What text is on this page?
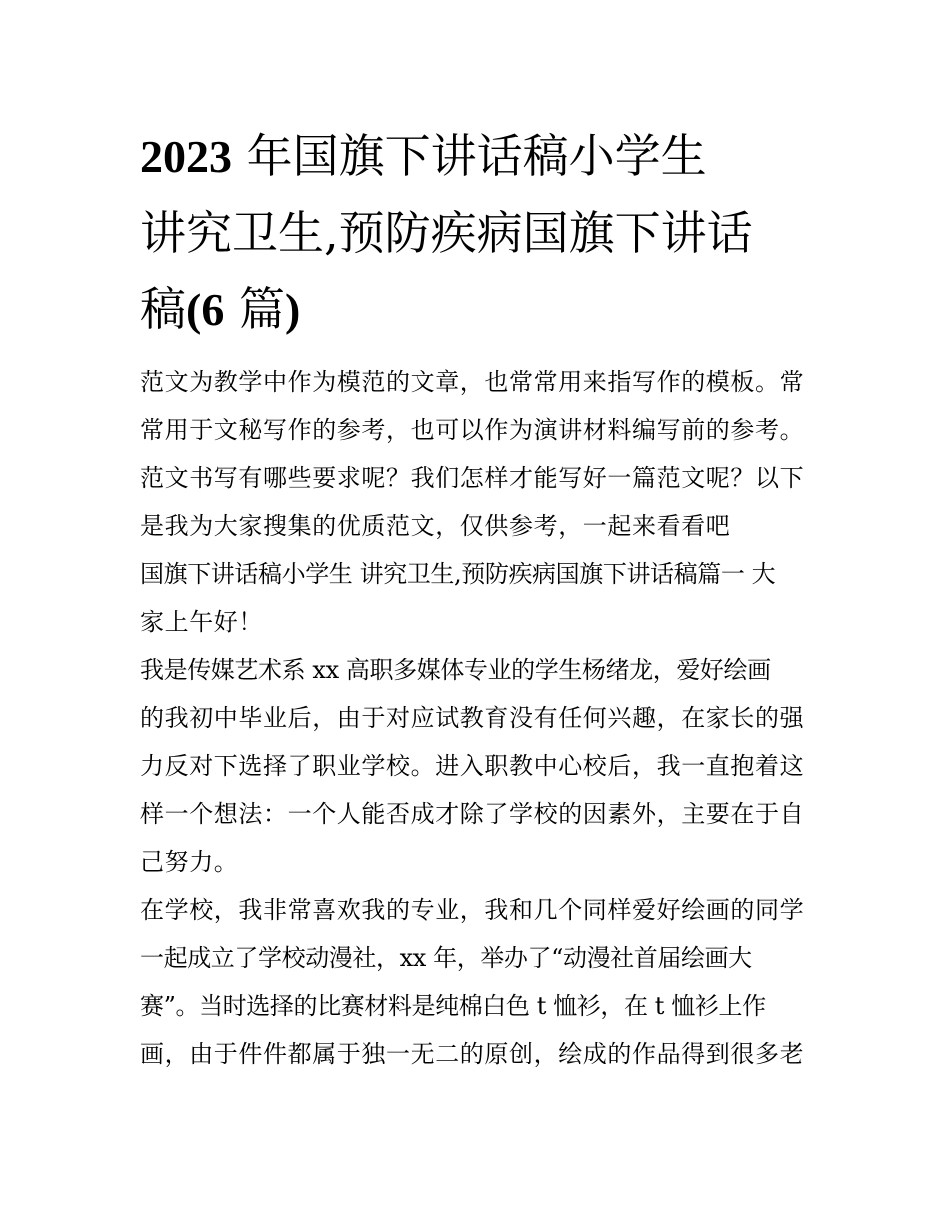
2023 年国旗下讲话稿小学生
讲究卫生,预防疾病国旗下讲话
稿(6 篇)
范文为教学中作为模范的文章，也常常用来指写作的模板。常
常用于文秘写作的参考，也可以作为演讲材料编写前的参考。
范文书写有哪些要求呢？我们怎样才能写好一篇范文呢？以下
是我为大家搜集的优质范文，仅供参考，一起来看看吧
国旗下讲话稿小学生 讲究卫生,预防疾病国旗下讲话稿篇一 大
家上午好！
我是传媒艺术系 xx 高职多媒体专业的学生杨绪龙，爱好绘画
的我初中毕业后，由于对应试教育没有任何兴趣，在家长的强
力反对下选择了职业学校。进入职教中心校后，我一直抱着这
样一个想法：一个人能否成才除了学校的因素外，主要在于自
己努力。
在学校，我非常喜欢我的专业，我和几个同样爱好绘画的同学
一起成立了学校动漫社，xx 年，举办了“动漫社首届绘画大
赛”。当时选择的比赛材料是纯棉白色 t 恤衫，在 t 恤衫上作
画，由于件件都属于独一无二的原创，绘成的作品得到很多老
